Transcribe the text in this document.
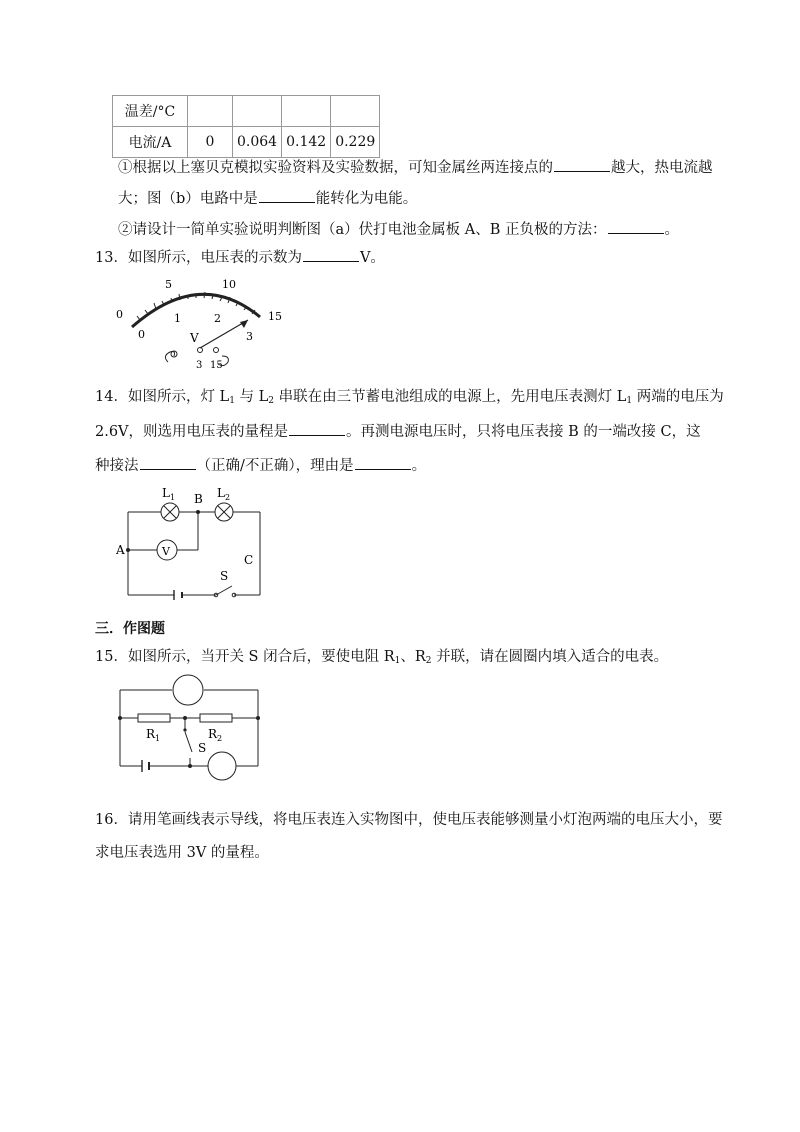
温差/°C				
电流/A	0	0.064	0.142	0.229
①根据以上塞贝克模拟实验资料及实验数据，可知金属丝两连接点的	越大，热电流越
大；图（b）电路中是	能转化为电能。
②请设计一简单实验说明判断图（a）伏打电池金属板 A、B 正负极的方法：	。
13．如图所示，电压表的示数为	V。
0
5	10
15
0
1	2
3
V
3 15
14．如图所示，灯 $L_1$ 与 $L_2$ 串联在由三节蓄电池组成的电源上，先用电压表测灯 $L_1$ 两端的电压为
2.6V，则选用电压表的量程是	。再测电源电压时，只将电压表接 B 的一端改接 C，这
种接法	（正确/不正确），理由是	。
A
B
C
S
V
$L_1$	$L_2$
三．作图题
15．如图所示，当开关 S 闭合后，要使电阻 $R_1$、$R_2$ 并联，请在圆圈内填入适合的电表。
$R_1$	$R_2$
S
16．请用笔画线表示导线，将电压表连入实物图中，使电压表能够测量小灯泡两端的电压大小，要
求电压表选用 3V 的量程。
